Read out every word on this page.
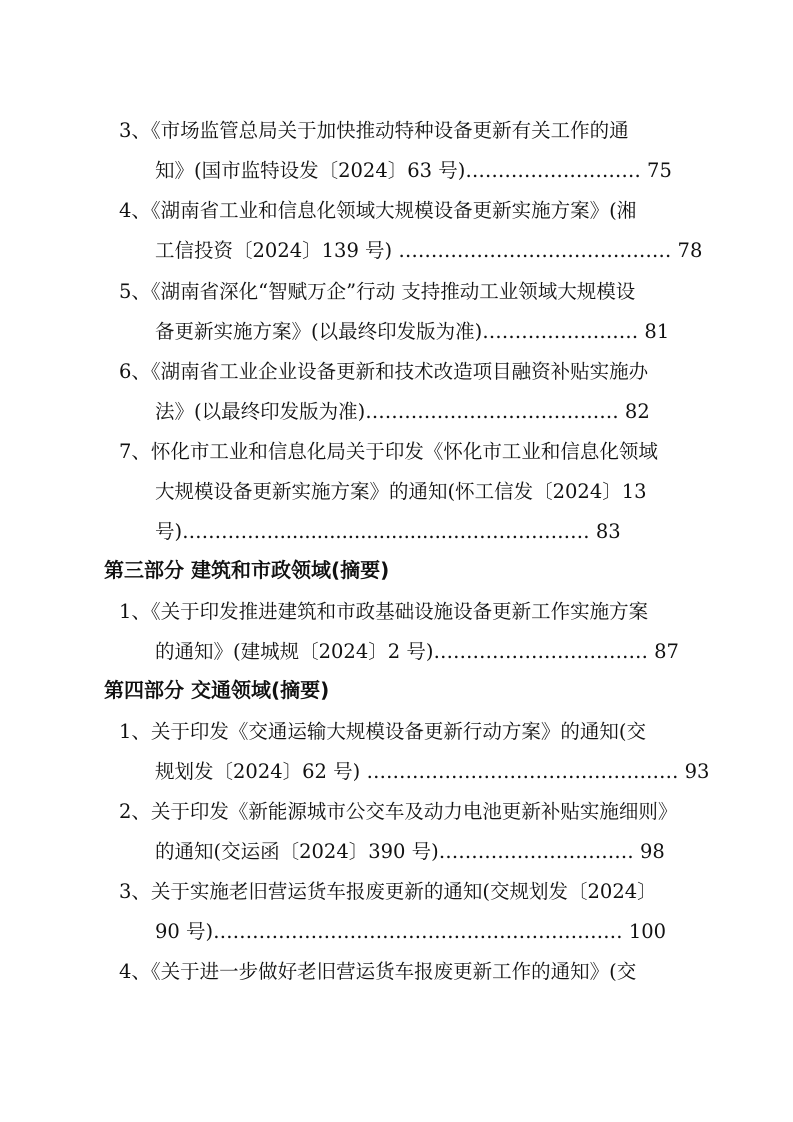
3、《市场监管总局关于加快推动特种设备更新有关工作的通
知》(国市监特设发〔2024〕63 号)……………………… 75
4、《湖南省工业和信息化领域大规模设备更新实施方案》(湘
工信投资〔2024〕139 号) …………………………………… 78
5、《湖南省深化“智赋万企”行动 支持推动工业领域大规模设
备更新实施方案》(以最终印发版为准)…………………… 81
6、《湖南省工业企业设备更新和技术改造项目融资补贴实施办
法》(以最终印发版为准)………………………………… 82
7、怀化市工业和信息化局关于印发《怀化市工业和信息化领域
大规模设备更新实施方案》的通知(怀工信发〔2024〕13
号)……………............................………………… 83
第三部分 建筑和市政领域(摘要)
1、《关于印发推进建筑和市政基础设施设备更新工作实施方案
的通知》(建城规〔2024〕2 号)…………………………… 87
第四部分 交通领域(摘要)
1、关于印发《交通运输大规模设备更新行动方案》的通知(交
规划发〔2024〕62 号) ………………………………………… 93
2、关于印发《新能源城市公交车及动力电池更新补贴实施细则》
的通知(交运函〔2024〕390 号)………………………… 98
3、关于实施老旧营运货车报废更新的通知(交规划发〔2024〕
90 号)……………………………………………………… 100
4、《关于进一步做好老旧营运货车报废更新工作的通知》(交
